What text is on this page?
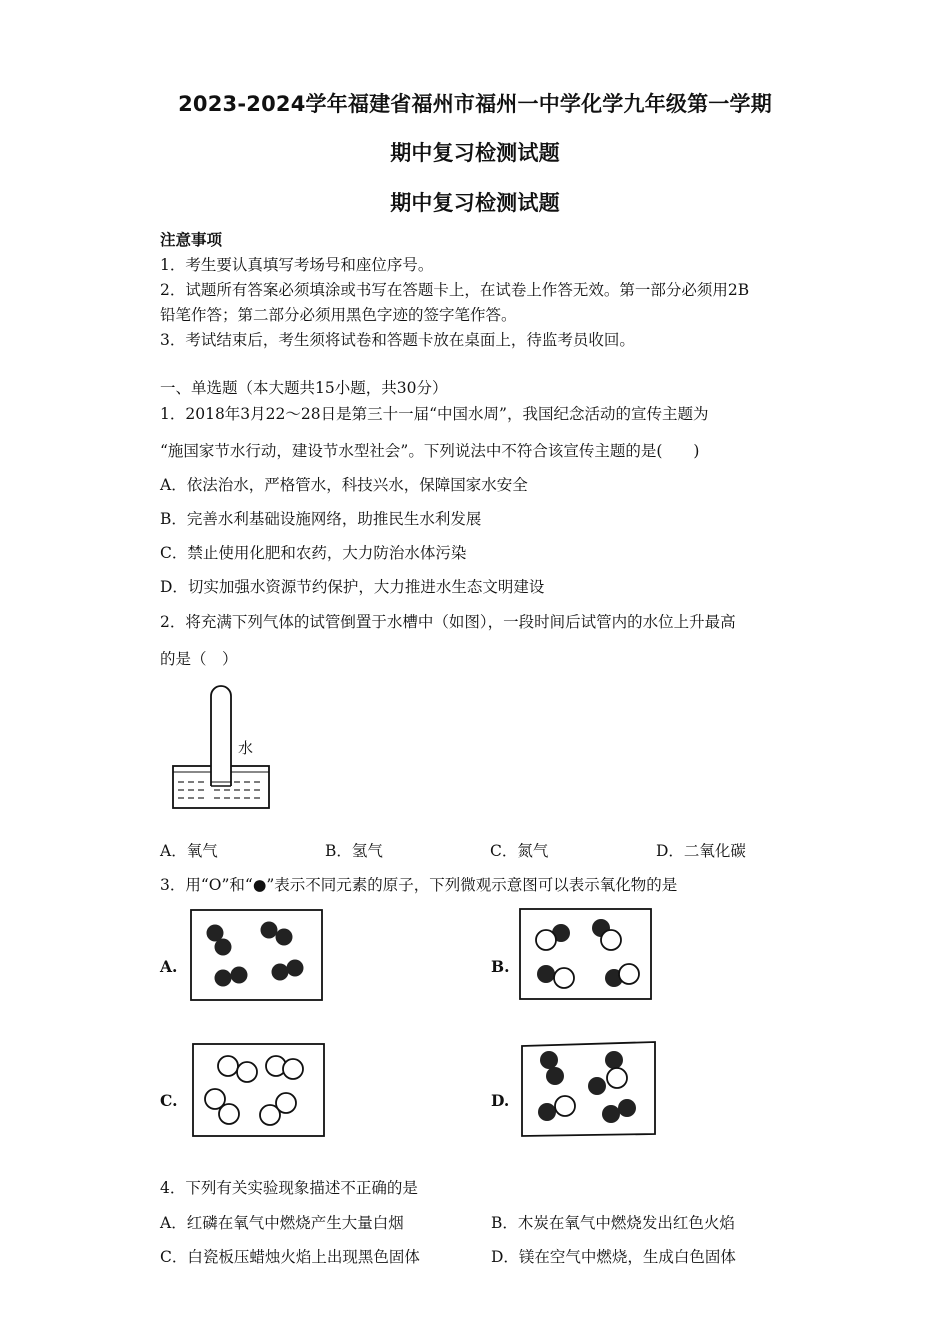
2023-2024学年福建省福州市福州一中学化学九年级第一学期
期中复习检测试题
期中复习检测试题
注意事项
1．考生要认真填写考场号和座位序号。
2．试题所有答案必须填涂或书写在答题卡上，在试卷上作答无效。第一部分必须用2B
铅笔作答；第二部分必须用黑色字迹的签字笔作答。
3．考试结束后，考生须将试卷和答题卡放在桌面上，待监考员收回。
一、单选题（本大题共15小题，共30分）
1．2018年3月22～28日是第三十一届“中国水周”，我国纪念活动的宣传主题为
“施国家节水行动，建设节水型社会”。下列说法中不符合该宣传主题的是(　　)
A．依法治水，严格管水，科技兴水，保障国家水安全
B．完善水利基础设施网络，助推民生水利发展
C．禁止使用化肥和农药，大力防治水体污染
D．切实加强水资源节约保护，大力推进水生态文明建设
2．将充满下列气体的试管倒置于水槽中（如图），一段时间后试管内的水位上升最高
的是（　）
水
A．氧气	B．氢气	C．氮气	D．二氧化碳
3．用“O”和“●”表示不同元素的原子，下列微观示意图可以表示氧化物的是
A.	B.
C.	D.
4．下列有关实验现象描述不正确的是
A．红磷在氧气中燃烧产生大量白烟	B．木炭在氧气中燃烧发出红色火焰
C．白瓷板压蜡烛火焰上出现黑色固体	D．镁在空气中燃烧，生成白色固体
